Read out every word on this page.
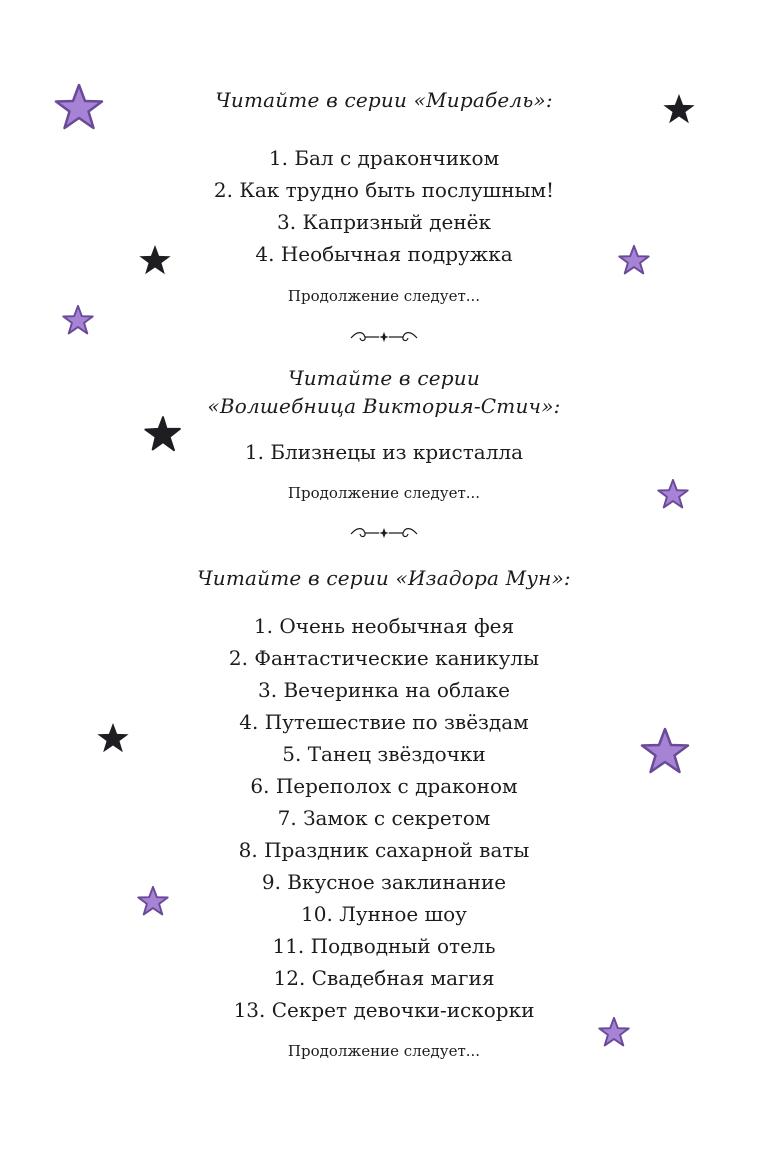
Читайте в серии «Мирабель»:
1. Бал с дракончиком
2. Как трудно быть послушным!
3. Капризный денёк
4. Необычная подружка
Продолжение следует...
Читайте в серии
«Волшебница Виктория-Стич»:
1. Близнецы из кристалла
Продолжение следует...
Читайте в серии «Изадора Мун»:
1. Очень необычная фея
2. Фантастические каникулы
3. Вечеринка на облаке
4. Путешествие по звёздам
5. Танец звёздочки
6. Переполох с драконом
7. Замок с секретом
8. Праздник сахарной ваты
9. Вкусное заклинание
10. Лунное шоу
11. Подводный отель
12. Свадебная магия
13. Секрет девочки-искорки
Продолжение следует...
